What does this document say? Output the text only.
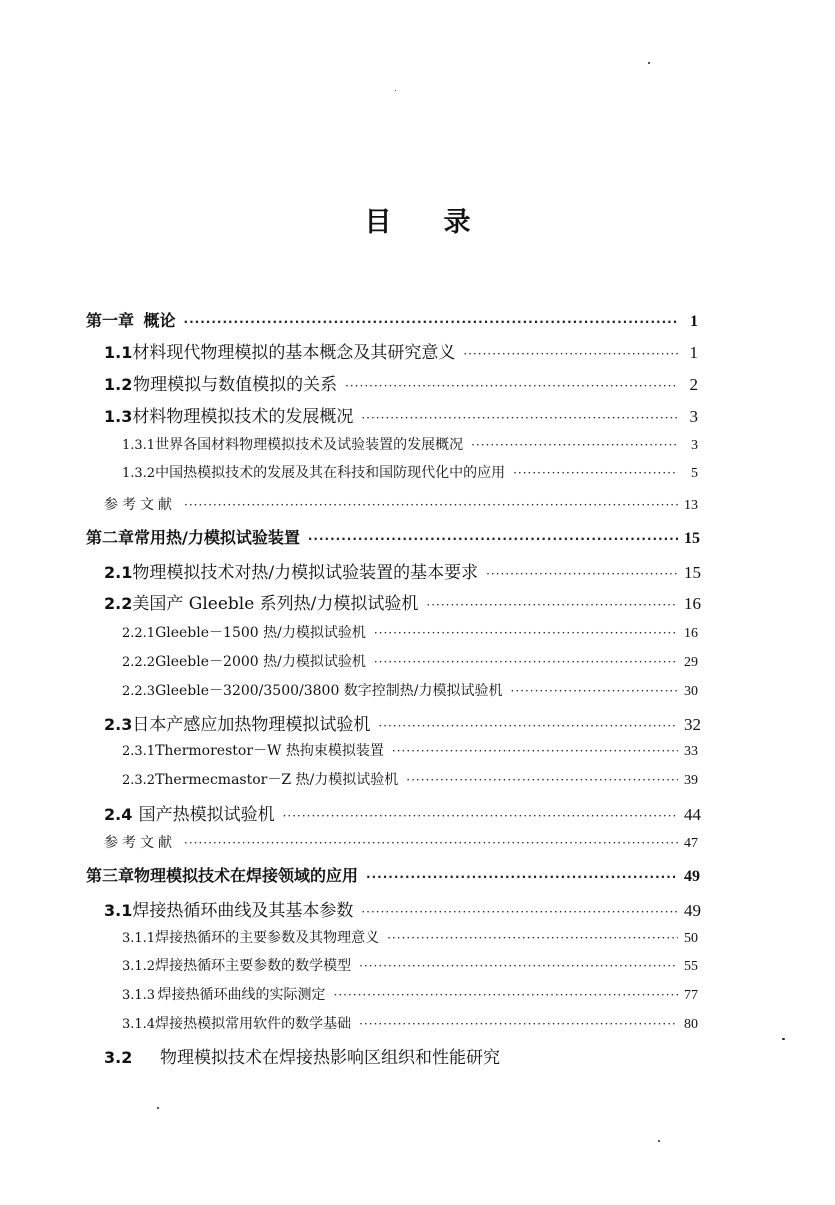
目 录
第一章 概论 ·····	1
1.1 材料现代物理模拟的基本概念及其研究意义 ·····	1
1.2 物理模拟与数值模拟的关系 ·····	2
1.3 材料物理模拟技术的发展概况 ·····	3
1.3.1 世界各国材料物理模拟技术及试验装置的发展概况 ·····	3
1.3.2 中国热模拟技术的发展及其在科技和国防现代化中的应用 ·····	5
参考文献 ·····	13
第二章 常用热/力模拟试验装置 ·····	15
2.1 物理模拟技术对热/力模拟试验装置的基本要求 ·····	15
2.2 美国产 Gleeble 系列热/力模拟试验机 ·····	16
2.2.1 Gleeble－1500 热/力模拟试验机 ·····	16
2.2.2 Gleeble－2000 热/力模拟试验机 ·····	29
2.2.3 Gleeble－3200/3500/3800 数字控制热/力模拟试验机 ·····	30
2.3 日本产感应加热物理模拟试验机 ·····	32
2.3.1 Thermorestor－W 热拘束模拟装置 ·····	33
2.3.2 Thermecmastor－Z 热/力模拟试验机 ·····	39
2.4 国产热模拟试验机 ·····	44
参考文献 ·····	47
第三章 物理模拟技术在焊接领域的应用 ·····	49
3.1 焊接热循环曲线及其基本参数 ·····	49
3.1.1 焊接热循环的主要参数及其物理意义 ·····	50
3.1.2 焊接热循环主要参数的数学模型 ·····	55
3.1.3 焊接热循环曲线的实际测定 ·····	77
3.1.4 焊接热模拟常用软件的数学基础 ·····	80
3.2	物理模拟技术在焊接热影响区组织和性能研究
